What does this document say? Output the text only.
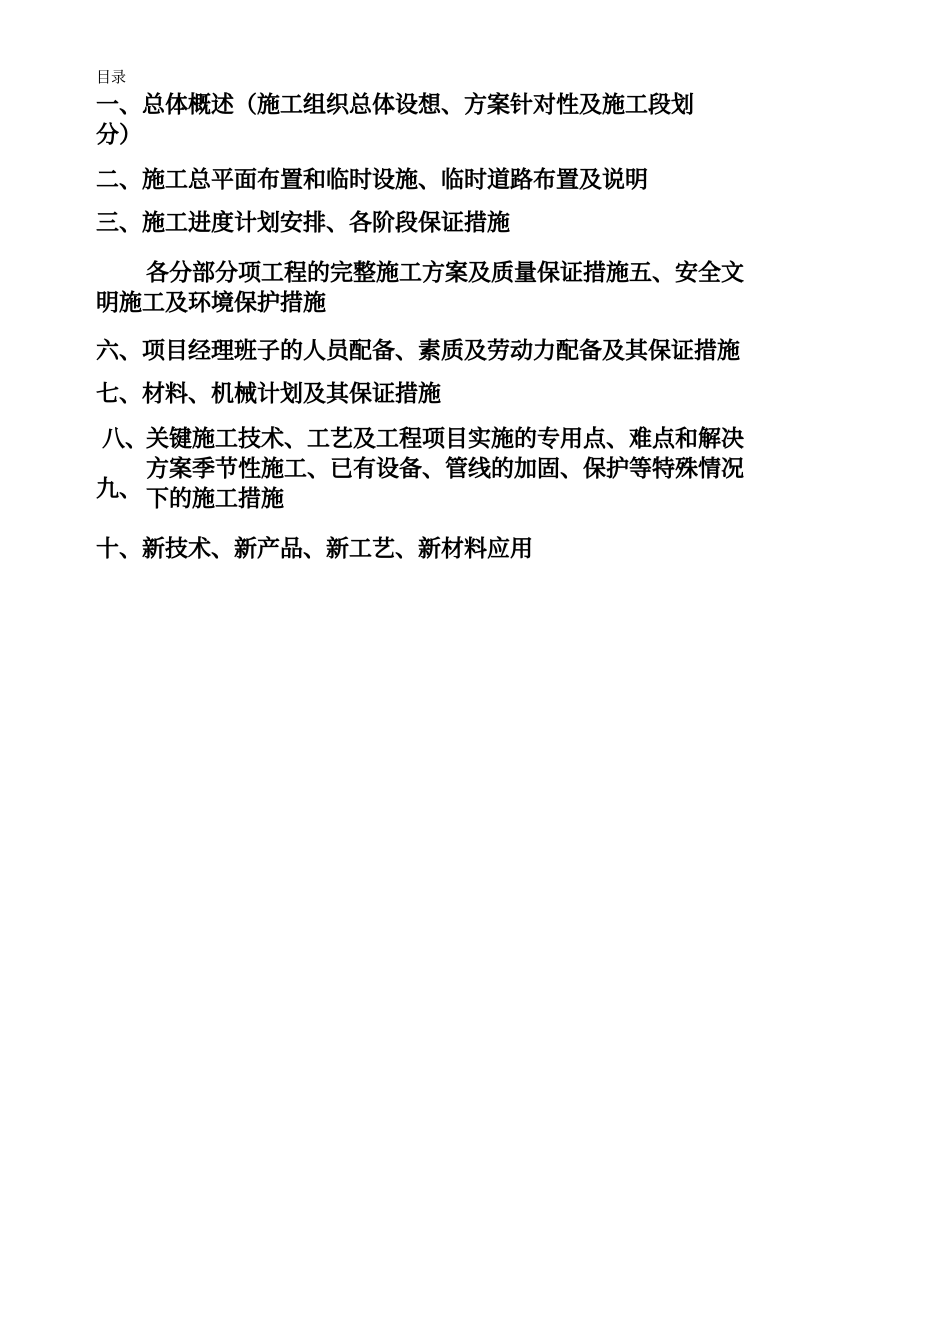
目录
一、总体概述（施工组织总体设想、方案针对性及施工段划
分）
二、施工总平面布置和临时设施、临时道路布置及说明
三、施工进度计划安排、各阶段保证措施
各分部分项工程的完整施工方案及质量保证措施五、安全文
明施工及环境保护措施
六、项目经理班子的人员配备、素质及劳动力配备及其保证措施
七、材料、机械计划及其保证措施
八、关键施工技术、工艺及工程项目实施的专用点、难点和解决
九、
方案季节性施工、已有设备、管线的加固、保护等特殊情况
下的施工措施
十、新技术、新产品、新工艺、新材料应用
